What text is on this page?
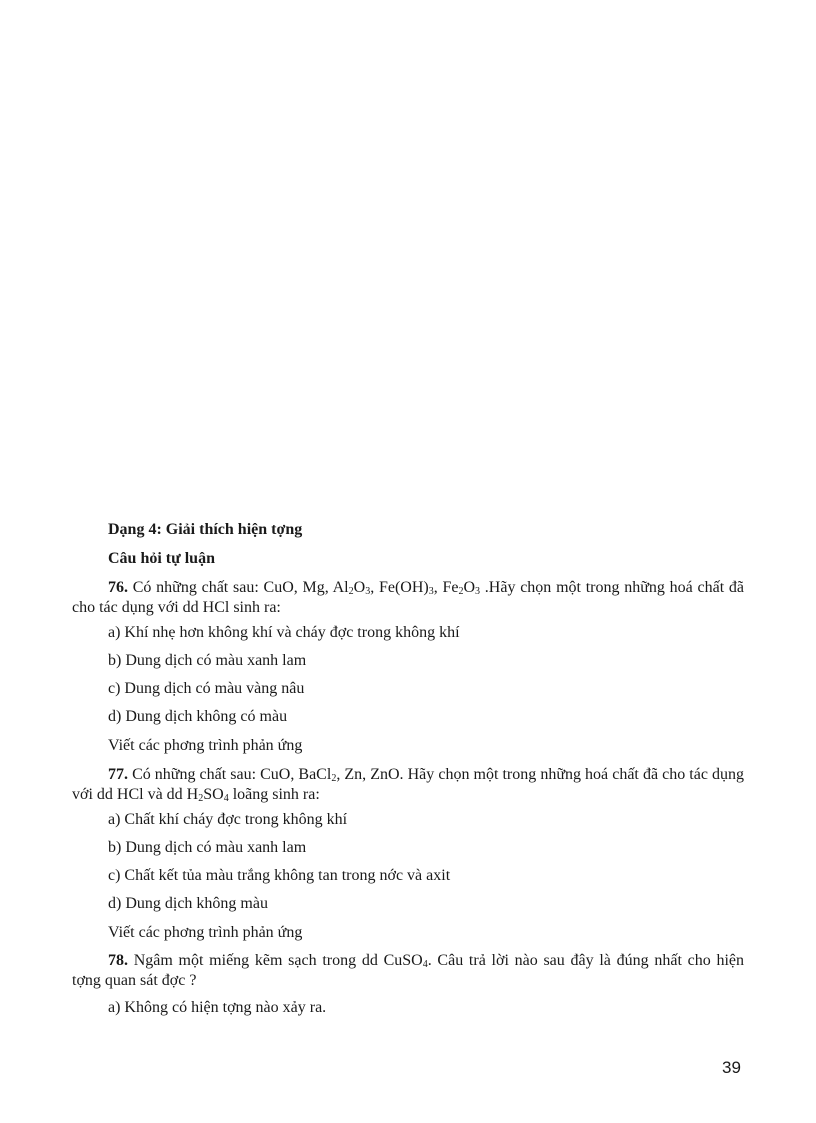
Dạng 4: Giải thích hiện tợng
Câu hỏi tự luận
76. Có những chất sau: CuO, Mg, $Al_2O_3$, $Fe(OH)_3$, $Fe_2O_3$ .Hãy chọn một trong những hoá chất đã cho tác dụng với dd HCl sinh ra:
a) Khí nhẹ hơn không khí và cháy đợc trong không khí
b) Dung dịch có màu xanh lam
c) Dung dịch có màu vàng nâu
d) Dung dịch không có màu
Viết các phơng trình phản ứng
77. Có những chất sau: CuO, BaCl$_2$, Zn, ZnO. Hãy chọn một trong những hoá chất đã cho tác dụng với dd HCl và dd $H_2SO_4$ loãng sinh ra:
a) Chất khí cháy đợc trong không khí
b) Dung dịch có màu xanh lam
c) Chất kết tủa màu trắng không tan trong nớc và axit
d) Dung dịch không màu
Viết các phơng trình phản ứng
78. Ngâm một miếng kẽm sạch trong dd CuSO$_4$. Câu trả lời nào sau đây là đúng nhất cho hiện tợng quan sát đợc ?
a) Không có hiện tợng nào xảy ra.
39
